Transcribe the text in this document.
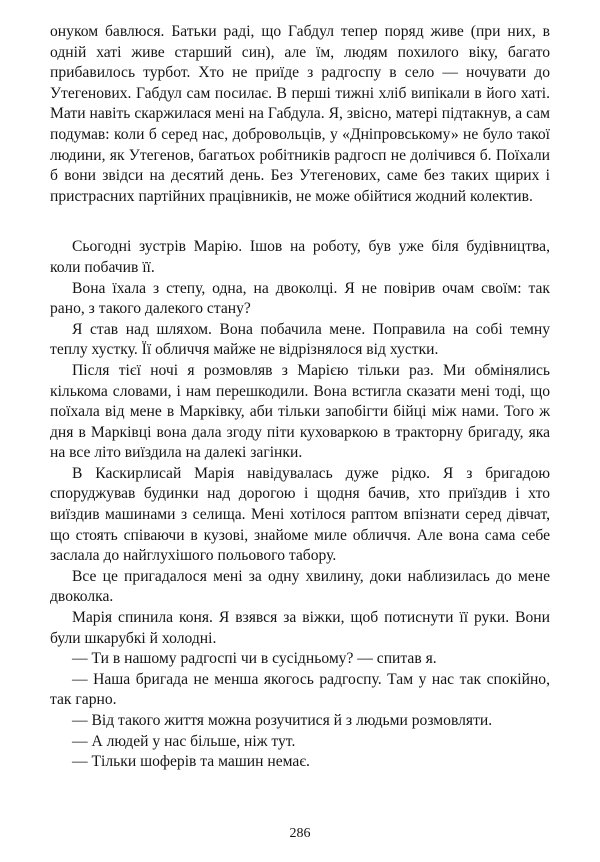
онуком бавлюся. Батьки раді, що Габдул тепер поряд живе (при них, в одній хаті живе старший син), але їм, людям похилого віку, багато прибавилось турбот. Хто не приїде з радгоспу в село — ночувати до Утегенових. Габдул сам посилає. В перші тижні хліб випікали в його хаті. Мати навіть скаржилася мені на Габдула. Я, звісно, матері підтакнув, а сам подумав: коли б серед нас, добровольців, у «Дніпровському» не було такої людини, як Утегенов, багатьох робітників радгосп не долічився б. Поїхали б вони звідси на десятий день. Без Утегенових, саме без таких щирих і пристрасних партійних працівників, не може обійтися жодний колектив.

Сьогодні зустрів Марію. Ішов на роботу, був уже біля будівництва, коли побачив її.

Вона їхала з степу, одна, на двоколці. Я не повірив очам своїм: так рано, з такого далекого стану?

Я став над шляхом. Вона побачила мене. Поправила на собі темну теплу хустку. Її обличчя майже не відрізнялося від хустки.

Після тієї ночі я розмовляв з Марією тільки раз. Ми обмінялись кількома словами, і нам перешкодили. Вона встигла сказати мені тоді, що поїхала від мене в Марківку, аби тільки запобігти бійці між нами. Того ж дня в Марківці вона дала згоду піти куховаркою в тракторну бригаду, яка на все літо виїздила на далекі загінки.

В Каскирлисай Марія навідувалась дуже рідко. Я з бригадою споруджував будинки над дорогою і щодня бачив, хто приїздив і хто виїздив машинами з селища. Мені хотілося раптом впізнати серед дівчат, що стоять співаючи в кузові, знайоме миле обличчя. Але вона сама себе заслала до найглухішого польового табору.

Все це пригадалося мені за одну хвилину, доки наблизилась до мене двоколка.

Марія спинила коня. Я взявся за віжки, щоб потиснути її руки. Вони були шкарубкі й холодні.

— Ти в нашому радгоспі чи в сусідньому? — спитав я.

— Наша бригада не менша якогось радгоспу. Там у нас так спокійно, так гарно.

— Від такого життя можна розучитися й з людьми розмовляти.

— А людей у нас більше, ніж тут.

— Тільки шоферів та машин немає.

286
